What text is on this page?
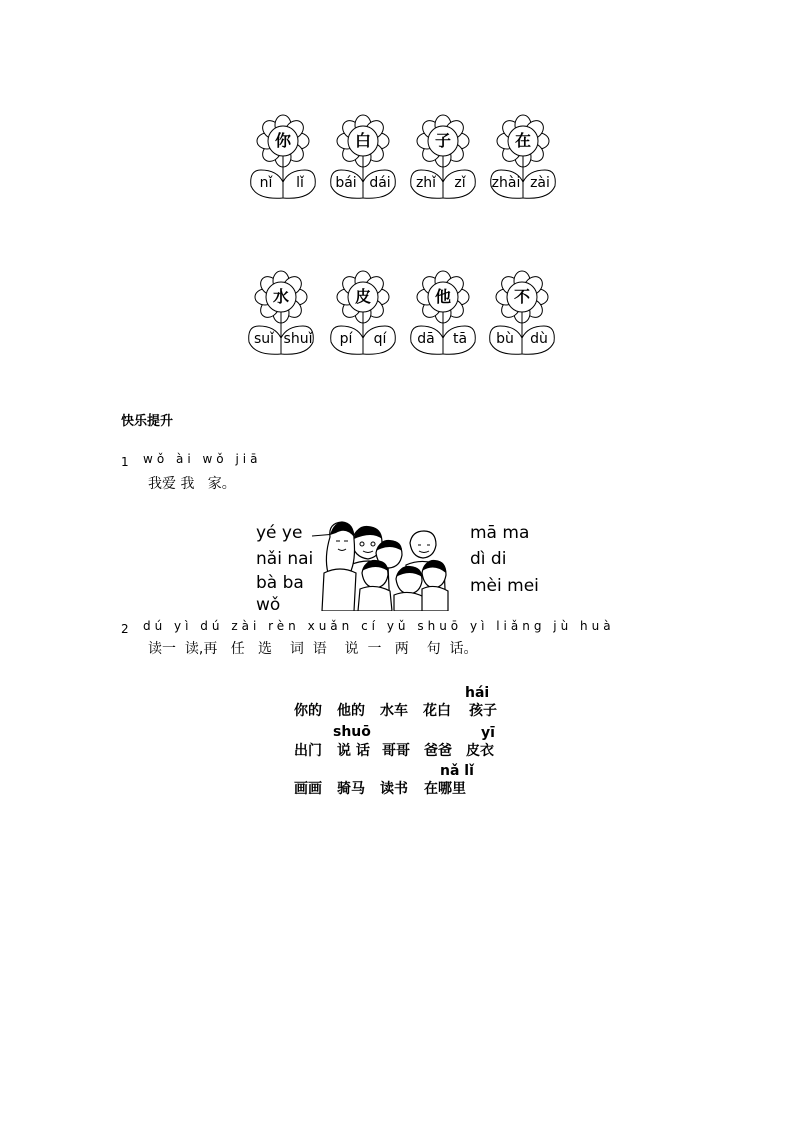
你
nǐ	lǐ
白
bái dái
子
zhǐ	zǐ
在
zhài zài
水
suǐ shuǐ
皮
pí	qí
他
dā	tā
不
bù	dù
快乐提升
1 wǒ ài wǒ jiā
我爱 我   家。
yé ye
nǎi nai
bà ba
wǒ
mā ma
dì di
mèi mei
2 dú yì dú zài rèn xuǎn cí yǔ shuō yì liǎng jù huà
读一  读,再   任   选    词  语    说  一   两    句  话。
hái
你的 他的 水车 花白 孩子
shuō	yī
出门 说 话 哥哥 爸爸 皮衣
nǎ lǐ
画画 骑马 读书 在哪里
